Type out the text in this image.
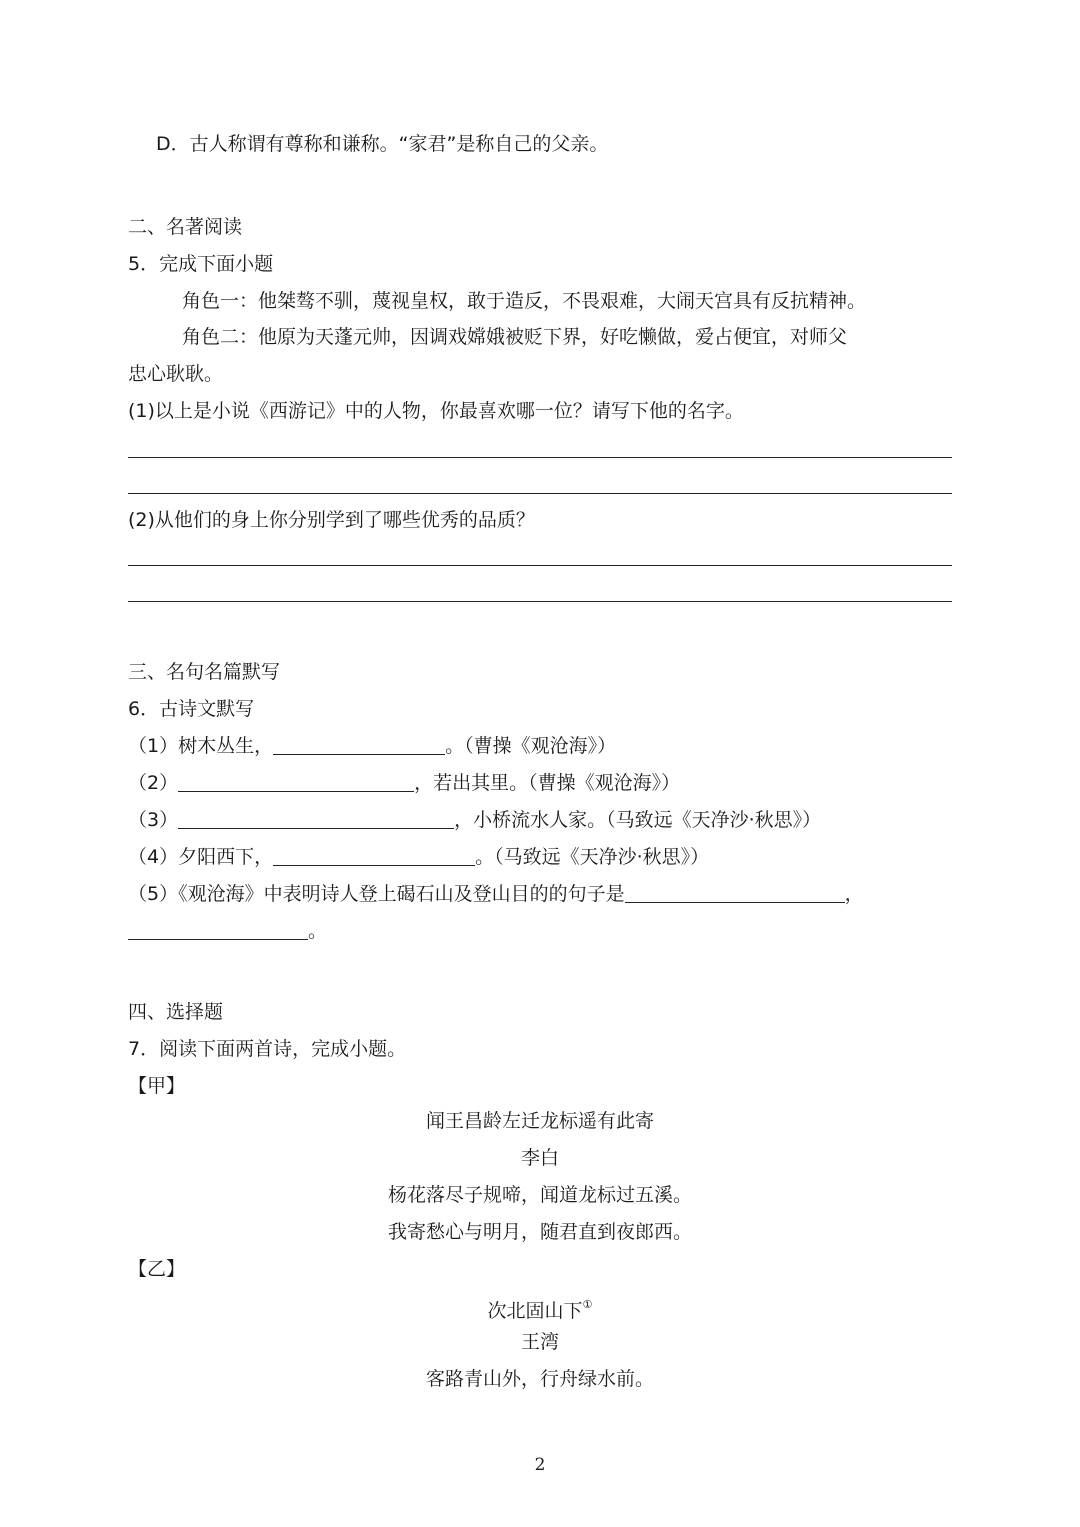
D．古人称谓有尊称和谦称。“家君”是称自己的父亲。
二、名著阅读
5．完成下面小题
角色一：他桀骜不驯，蔑视皇权，敢于造反，不畏艰难，大闹天宫具有反抗精神。
角色二：他原为天蓬元帅，因调戏嫦娥被贬下界，好吃懒做，爱占便宜，对师父
忠心耿耿。
(1)以上是小说《西游记》中的人物，你最喜欢哪一位？请写下他的名字。
(2)从他们的身上你分别学到了哪些优秀的品质？
三、名句名篇默写
6．古诗文默写
（1）树木丛生，	。（曹操《观沧海》）
（2）	，若出其里。（曹操《观沧海》）
（3）	，小桥流水人家。（马致远《天净沙·秋思》）
（4）夕阳西下，	。（马致远《天净沙·秋思》）
（5）《观沧海》中表明诗人登上碣石山及登山目的的句子是	，
。
四、选择题
7．阅读下面两首诗，完成小题。
【甲】
闻王昌龄左迁龙标遥有此寄
李白
杨花落尽子规啼，闻道龙标过五溪。
我寄愁心与明月，随君直到夜郎西。
【乙】
次北固山下①
王湾
客路青山外，行舟绿水前。
2
